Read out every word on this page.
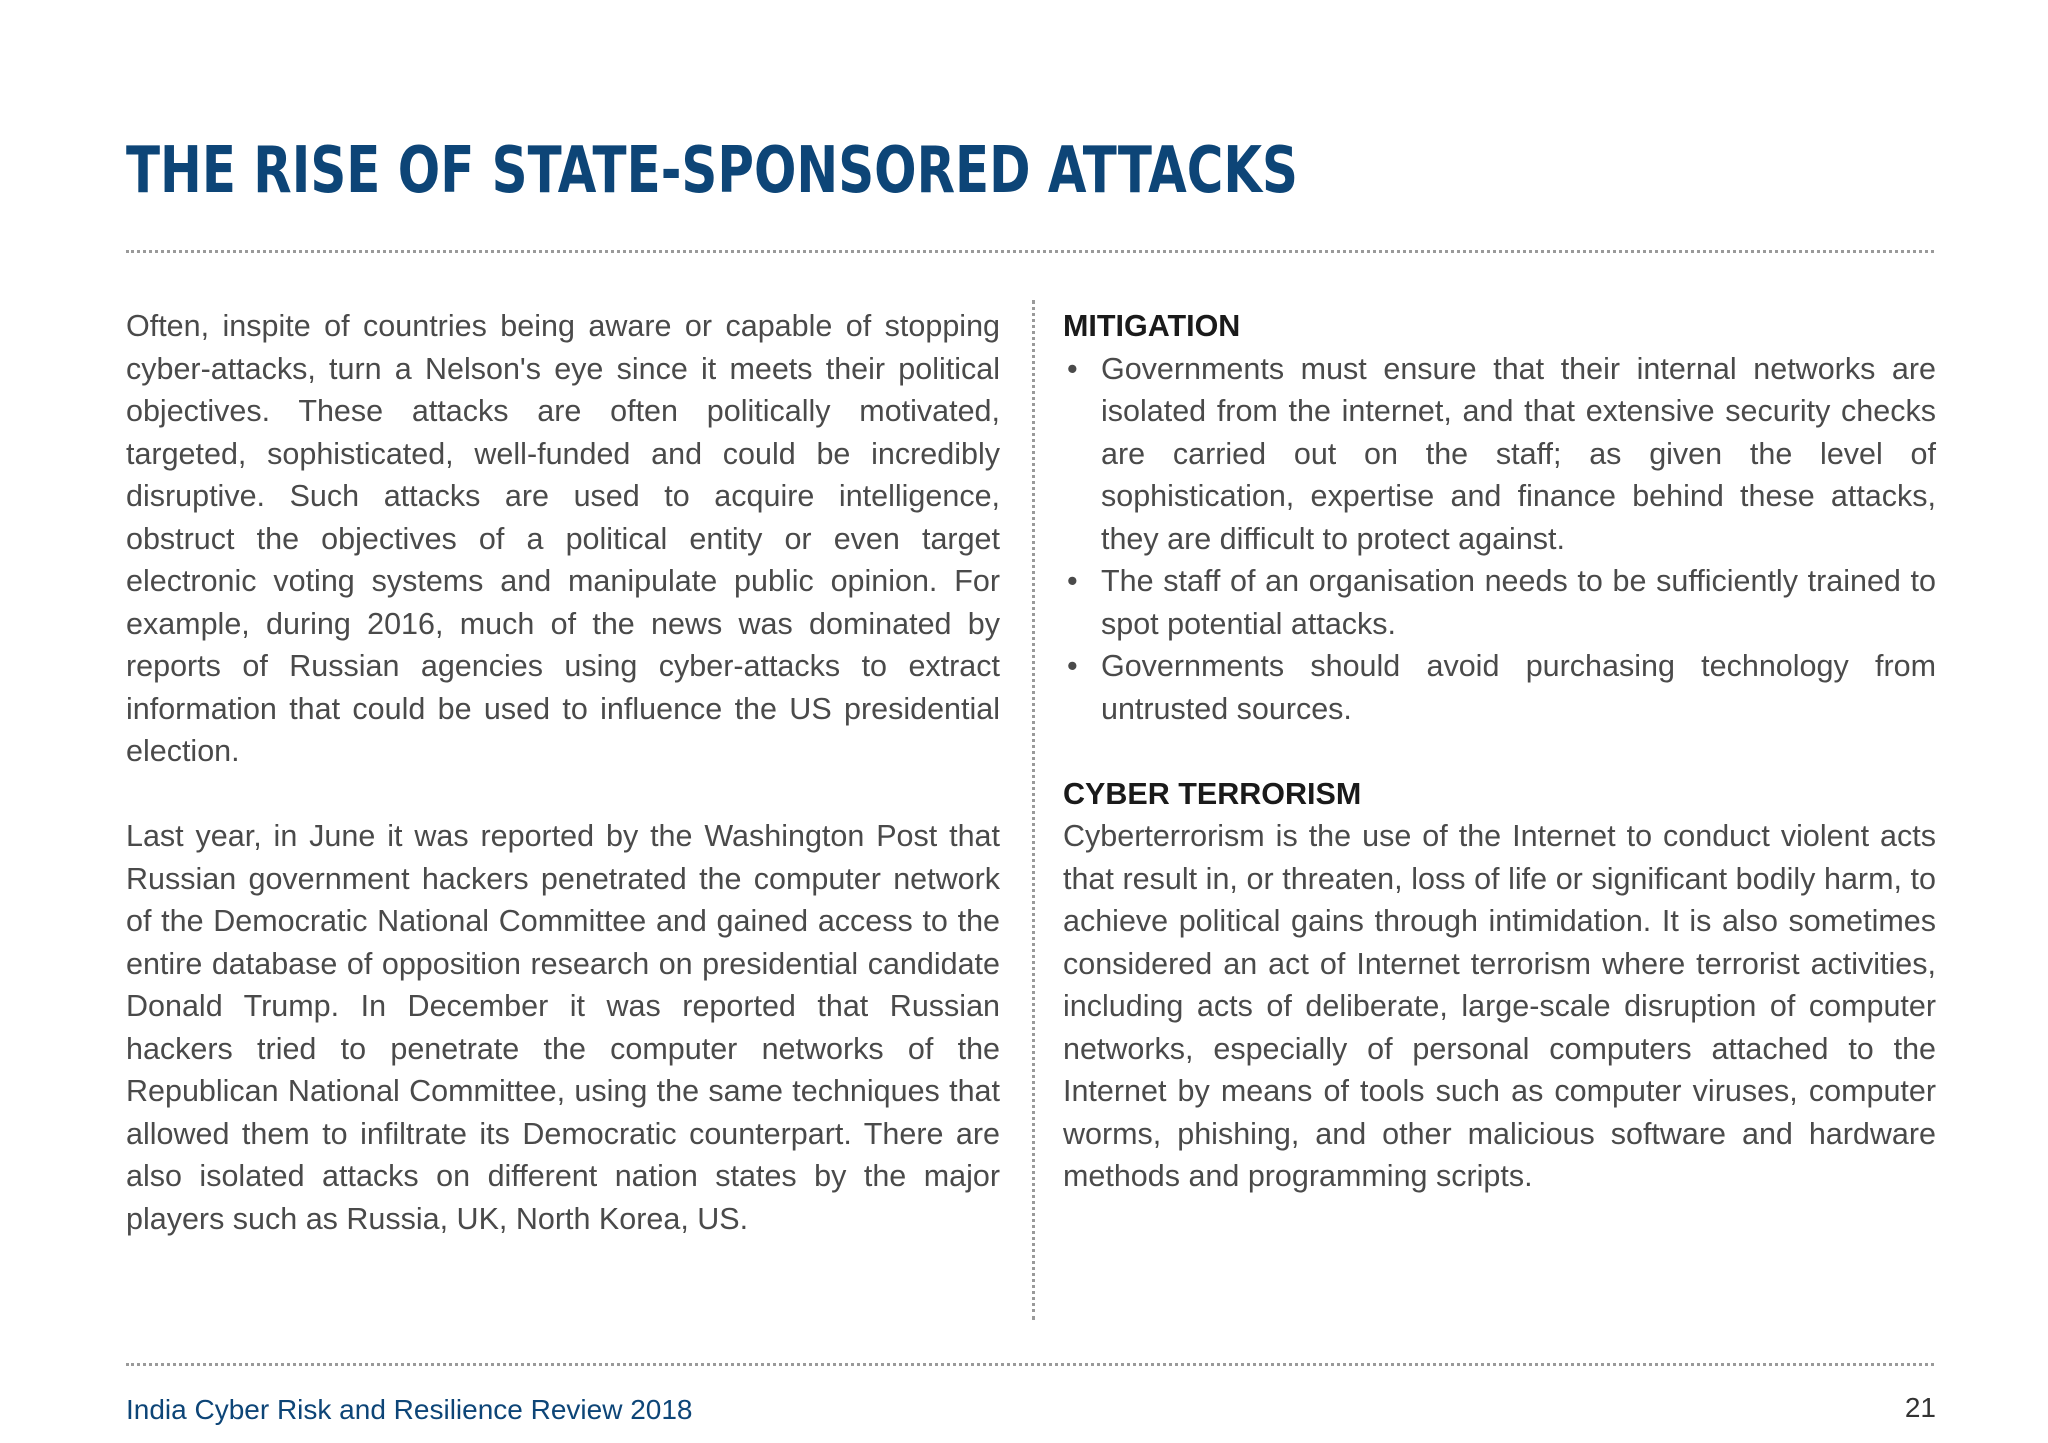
THE RISE OF STATE-SPONSORED ATTACKS

Often, inspite of countries being aware or capable of stopping cyber-attacks, turn a Nelson's eye since it meets their political objectives. These attacks are often politically motivated, targeted, sophisticated, well-funded and could be incredibly disruptive. Such attacks are used to acquire intelligence, obstruct the objectives of a political entity or even target electronic voting systems and manipulate public opinion. For example, during 2016, much of the news was dominated by reports of Russian agencies using cyber-attacks to extract information that could be used to influence the US presidential election.

Last year, in June it was reported by the Washington Post that Russian government hackers penetrated the computer network of the Democratic National Committee and gained access to the entire database of opposition research on presidential candidate Donald Trump. In December it was reported that Russian hackers tried to penetrate the computer networks of the Republican National Committee, using the same techniques that allowed them to infiltrate its Democratic counterpart. There are also isolated attacks on different nation states by the major players such as Russia, UK, North Korea, US.

MITIGATION
• Governments must ensure that their internal networks are isolated from the internet, and that extensive security checks are carried out on the staff; as given the level of sophistication, expertise and finance behind these attacks, they are difficult to protect against.
• The staff of an organisation needs to be sufficiently trained to spot potential attacks.
• Governments should avoid purchasing technology from untrusted sources.
CYBER TERRORISM

Cyberterrorism is the use of the Internet to conduct violent acts that result in, or threaten, loss of life or significant bodily harm, to achieve political gains through intimidation. It is also sometimes considered an act of Internet terrorism where terrorist activities, including acts of deliberate, large-scale disruption of computer networks, especially of personal computers attached to the Internet by means of tools such as computer viruses, computer worms, phishing, and other malicious software and hardware methods and programming scripts.

India Cyber Risk and Resilience Review 2018	21
